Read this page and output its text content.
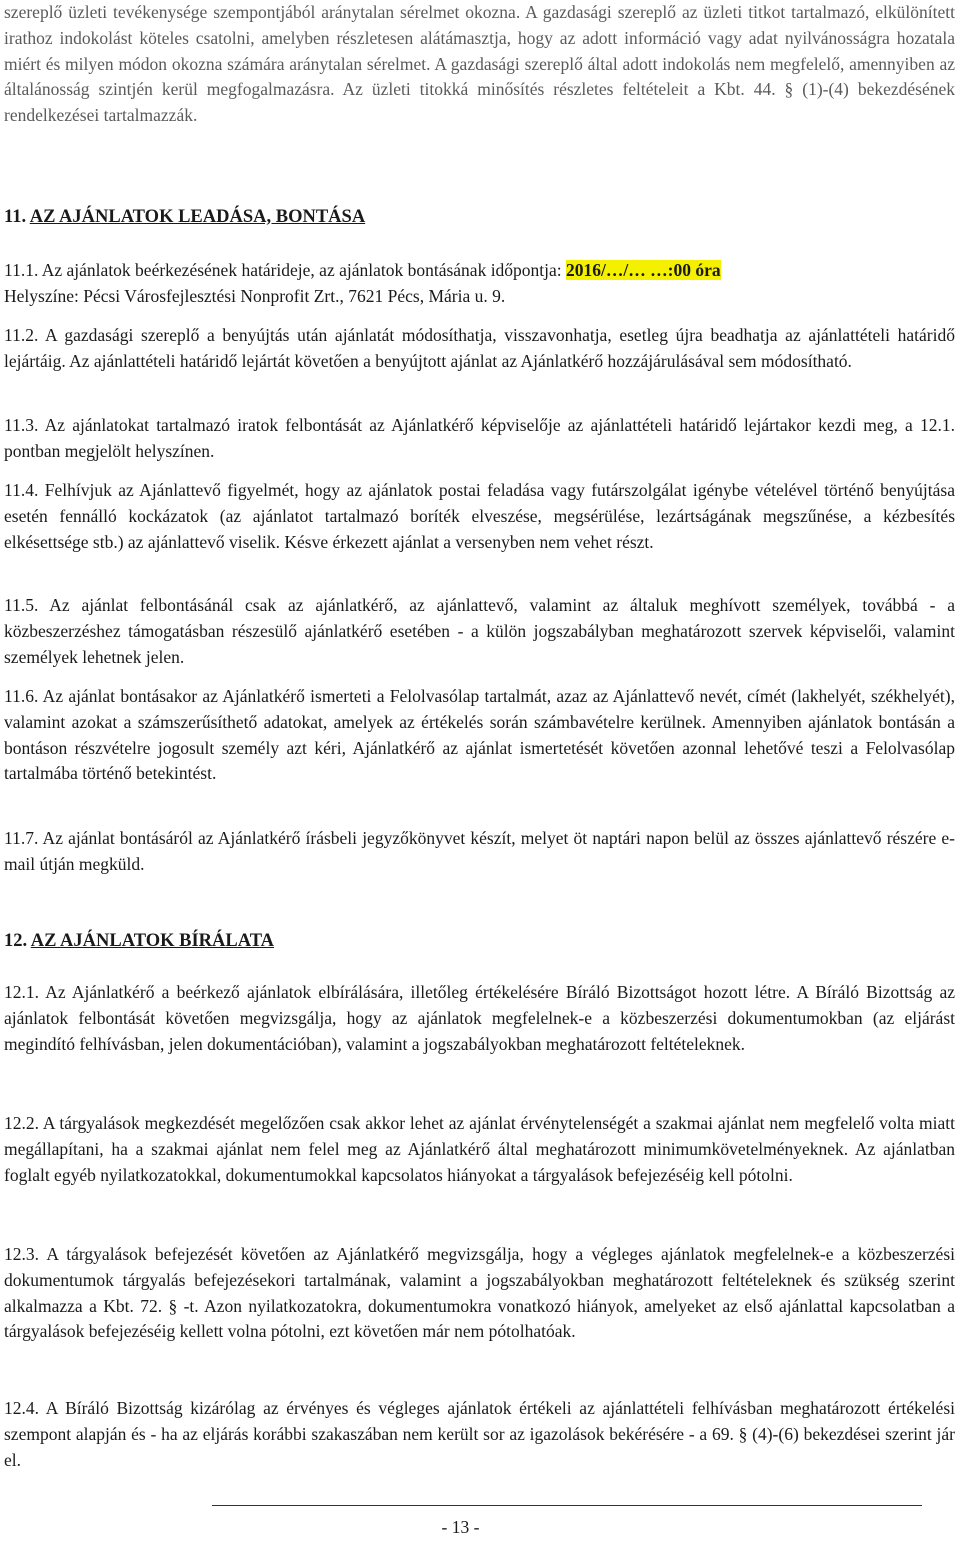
szereplő üzleti tevékenysége szempontjából aránytalan sérelmet okozna. A gazdasági szereplő az üzleti titkot tartalmazó, elkülönített irathoz indokolást köteles csatolni, amelyben részletesen alátámasztja, hogy az adott információ vagy adat nyilvánosságra hozatala miért és milyen módon okozna számára aránytalan sérelmet. A gazdasági szereplő által adott indokolás nem megfelelő, amennyiben az általánosság szintjén kerül megfogalmazásra. Az üzleti titokká minősítés részletes feltételeit a Kbt. 44. § (1)-(4) bekezdésének rendelkezései tartalmazzák.

11. AZ AJÁNLATOK LEADÁSA, BONTÁSA
11.1. Az ajánlatok beérkezésének határideje, az ajánlatok bontásának időpontja: 2016/…/… …:00 óra
Helyszíne: Pécsi Városfejlesztési Nonprofit Zrt., 7621 Pécs, Mária u. 9.

11.2. A gazdasági szereplő a benyújtás után ajánlatát módosíthatja, visszavonhatja, esetleg újra beadhatja az ajánlattételi határidő lejártáig. Az ajánlattételi határidő lejártát követően a benyújtott ajánlat az Ajánlatkérő hozzájárulásával sem módosítható.

11.3. Az ajánlatokat tartalmazó iratok felbontását az Ajánlatkérő képviselője az ajánlattételi határidő lejártakor kezdi meg, a 12.1. pontban megjelölt helyszínen.

11.4. Felhívjuk az Ajánlattevő figyelmét, hogy az ajánlatok postai feladása vagy futárszolgálat igénybe vételével történő benyújtása esetén fennálló kockázatok (az ajánlatot tartalmazó boríték elveszése, megsérülése, lezártságának megszűnése, a kézbesítés elkésettsége stb.) az ajánlattevő viselik. Késve érkezett ajánlat a versenyben nem vehet részt.

11.5. Az ajánlat felbontásánál csak az ajánlatkérő, az ajánlattevő, valamint az általuk meghívott személyek, továbbá - a közbeszerzéshez támogatásban részesülő ajánlatkérő esetében - a külön jogszabályban meghatározott szervek képviselői, valamint személyek lehetnek jelen.

11.6. Az ajánlat bontásakor az Ajánlatkérő ismerteti a Felolvasólap tartalmát, azaz az Ajánlattevő nevét, címét (lakhelyét, székhelyét), valamint azokat a számszerűsíthető adatokat, amelyek az értékelés során számbavételre kerülnek. Amennyiben ajánlatok bontásán a bontáson részvételre jogosult személy azt kéri, Ajánlatkérő az ajánlat ismertetését követően azonnal lehetővé teszi a Felolvasólap tartalmába történő betekintést.

11.7. Az ajánlat bontásáról az Ajánlatkérő írásbeli jegyzőkönyvet készít, melyet öt naptári napon belül az összes ajánlattevő részére e-mail útján megküld.

12. AZ AJÁNLATOK BÍRÁLATA

12.1. Az Ajánlatkérő a beérkező ajánlatok elbírálására, illetőleg értékelésére Bíráló Bizottságot hozott létre. A Bíráló Bizottság az ajánlatok felbontását követően megvizsgálja, hogy az ajánlatok megfelelnek-e a közbeszerzési dokumentumokban (az eljárást megindító felhívásban, jelen dokumentációban), valamint a jogszabályokban meghatározott feltételeknek.

12.2. A tárgyalások megkezdését megelőzően csak akkor lehet az ajánlat érvénytelenségét a szakmai ajánlat nem megfelelő volta miatt megállapítani, ha a szakmai ajánlat nem felel meg az Ajánlatkérő által meghatározott minimumkövetelményeknek. Az ajánlatban foglalt egyéb nyilatkozatokkal, dokumentumokkal kapcsolatos hiányokat a tárgyalások befejezéséig kell pótolni.

12.3. A tárgyalások befejezését követően az Ajánlatkérő megvizsgálja, hogy a végleges ajánlatok megfelelnek-e a közbeszerzési dokumentumok tárgyalás befejezésekori tartalmának, valamint a jogszabályokban meghatározott feltételeknek és szükség szerint alkalmazza a Kbt. 72. § -t. Azon nyilatkozatokra, dokumentumokra vonatkozó hiányok, amelyeket az első ajánlattal kapcsolatban a tárgyalások befejezéséig kellett volna pótolni, ezt követően már nem pótolhatóak.

12.4. A Bíráló Bizottság kizárólag az érvényes és végleges ajánlatok értékeli az ajánlattételi felhívásban meghatározott értékelési szempont alapján és - ha az eljárás korábbi szakaszában nem került sor az igazolások bekérésére - a 69. § (4)-(6) bekezdései szerint jár el.

- 13 -
